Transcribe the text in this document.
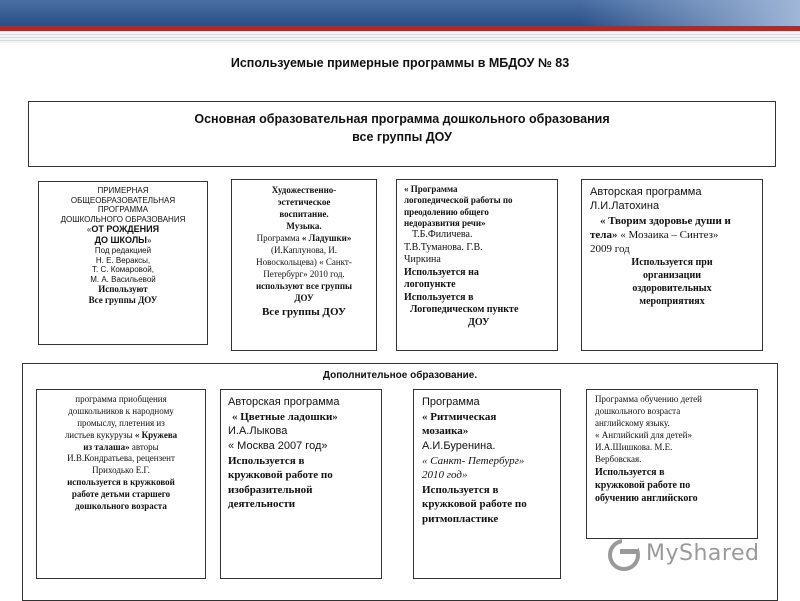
Используемые примерные программы в МБДОУ № 83
Основная образовательная программа дошкольного образования
все группы ДОУ
ПРИМЕРНАЯ
ОБЩЕОБРАЗОВАТЕЛЬНАЯ
ПРОГРАММА
ДОШКОЛЬНОГО ОБРАЗОВАНИЯ
«ОТ РОЖДЕНИЯ
ДО ШКОЛЫ»
Под редакцией
Н. Е. Вераксы,
Т. С. Комаровой,
М. А. Васильевой
Используют
Все группы ДОУ
Художественно-
эстетическое
воспитание.
Музыка.
Программа « Ладушки»
(И.Каплунова, И.
Новоскольцева) « Санкт-
Петербург» 2010 год.
используют все группы
ДОУ
Все группы ДОУ
« Программа
логопедической работы по
преодолению общего
недоразвития речи»
Т.Б.Филичева.
Т.В.Туманова. Г.В.
Чиркина
Используется на
логопункте
Используется в
Логопедическом пункте
ДОУ
Авторская программа
Л.И.Латохина
« Творим здоровье души и
тела» « Мозаика – Синтез»
2009 год
Используется при
организации
оздоровительных
мероприятиях
Дополнительное образование.
программа приобщения
дошкольников к народному
промыслу, плетения из
листьев кукурузы « Кружева
из талаша» авторы
И.В.Кондратьева, рецензент
Приходько Е.Г.
используется в кружковой
работе детьми старшего
дошкольного возраста
Авторская программа
« Цветные ладошки»
И.А.Лыкова
« Москва 2007 год»
Используется в
кружковой работе по
изобразительной
деятельности
Программа
« Ритмическая
мозаика»
А.И.Буренина.
« Санкт- Петербург»
2010 год»
Используется в
кружковой работе по
ритмопластике
Программа обучению детей
дошкольного возраста
английскому языку.
« Английский для детей»
И.А.Шишкова. М.Е.
Вербовская.
Используется в
кружковой работе по
обучению английского
MyShared
